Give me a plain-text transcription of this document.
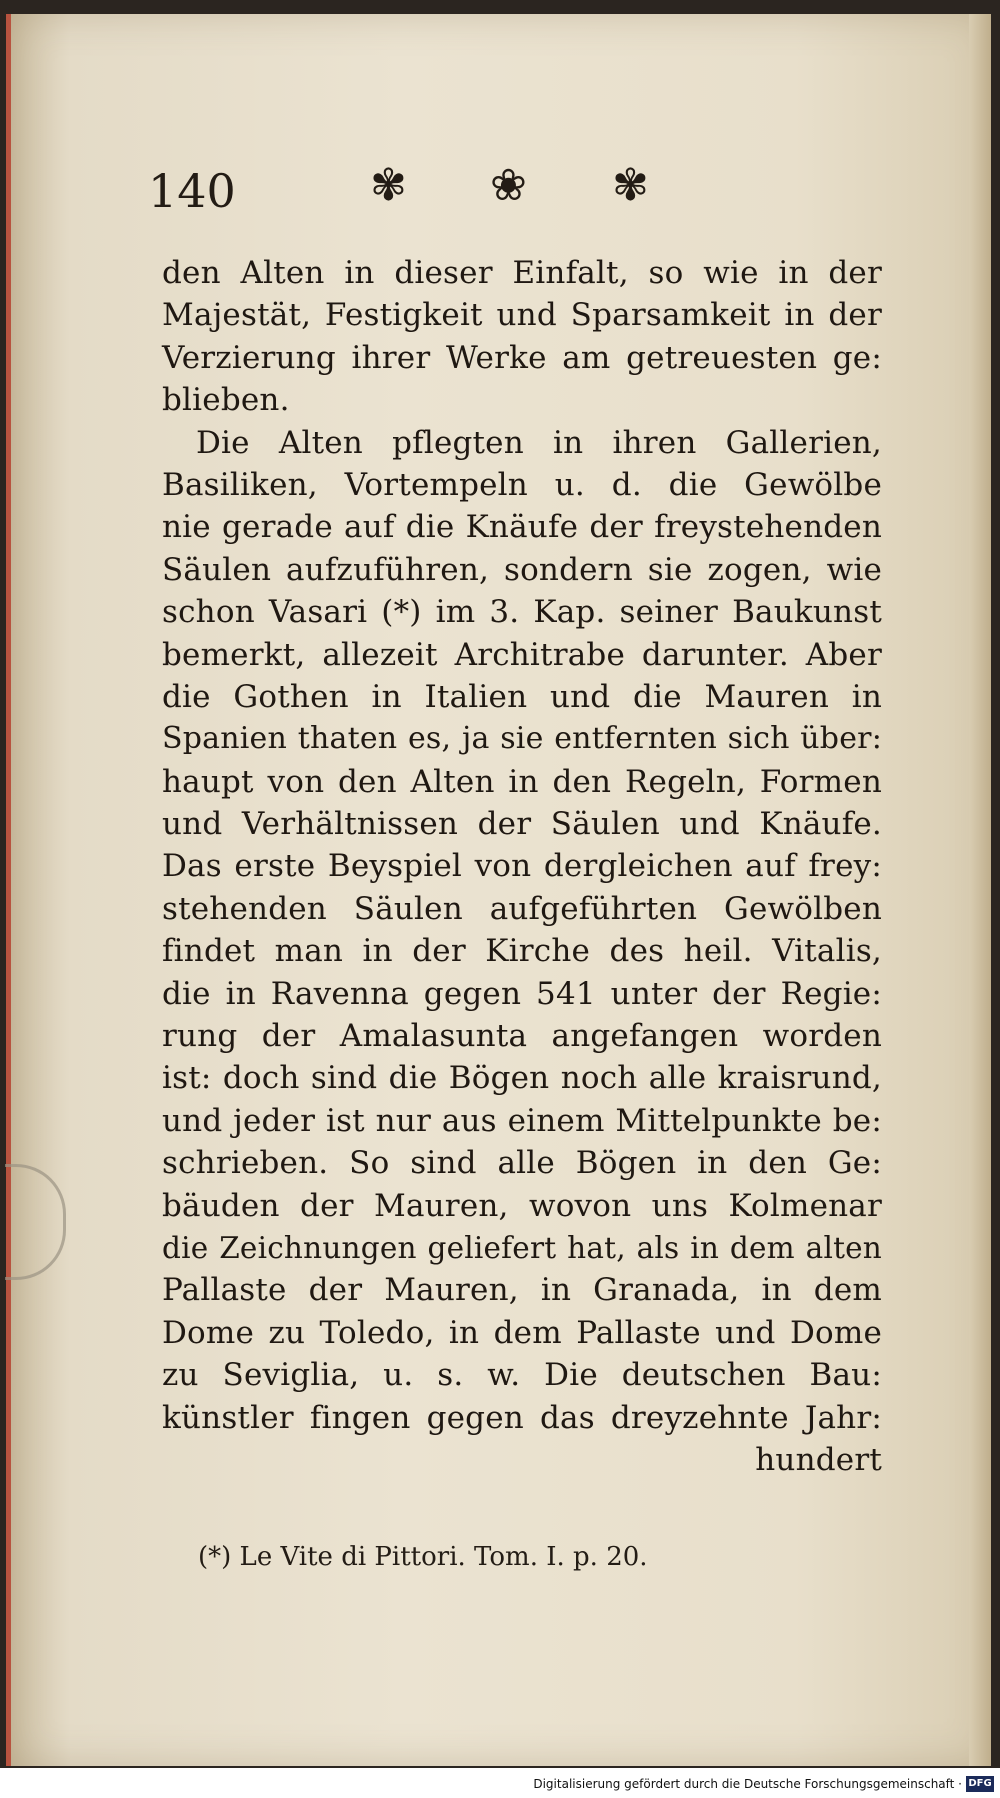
140	✾ ❀ ✾
den Alten in dieser Einfalt, so wie in der
Majestät, Festigkeit und Sparsamkeit in der
Verzierung ihrer Werke am getreuesten ge:
blieben.
Die Alten pflegten in ihren Gallerien,
Basiliken, Vortempeln u. d. die Gewölbe
nie gerade auf die Knäufe der freystehenden
Säulen aufzuführen, sondern sie zogen, wie
schon Vasari (*) im 3. Kap. seiner Baukunst
bemerkt, allezeit Architrabe darunter. Aber
die Gothen in Italien und die Mauren in
Spanien thaten es, ja sie entfernten sich über:
haupt von den Alten in den Regeln, Formen
und Verhältnissen der Säulen und Knäufe.
Das erste Beyspiel von dergleichen auf frey:
stehenden Säulen aufgeführten Gewölben
findet man in der Kirche des heil. Vitalis,
die in Ravenna gegen 541 unter der Regie:
rung der Amalasunta angefangen worden
ist: doch sind die Bögen noch alle kraisrund,
und jeder ist nur aus einem Mittelpunkte be:
schrieben. So sind alle Bögen in den Ge:
bäuden der Mauren, wovon uns Kolmenar
die Zeichnungen geliefert hat, als in dem alten
Pallaste der Mauren, in Granada, in dem
Dome zu Toledo, in dem Pallaste und Dome
zu Seviglia, u. s. w. Die deutschen Bau:
künstler fingen gegen das dreyzehnte Jahr:
hundert
(*) Le Vite di Pittori. Tom. I. p. 20.
Digitalisierung gefördert durch die Deutsche Forschungsgemeinschaft · DFG
